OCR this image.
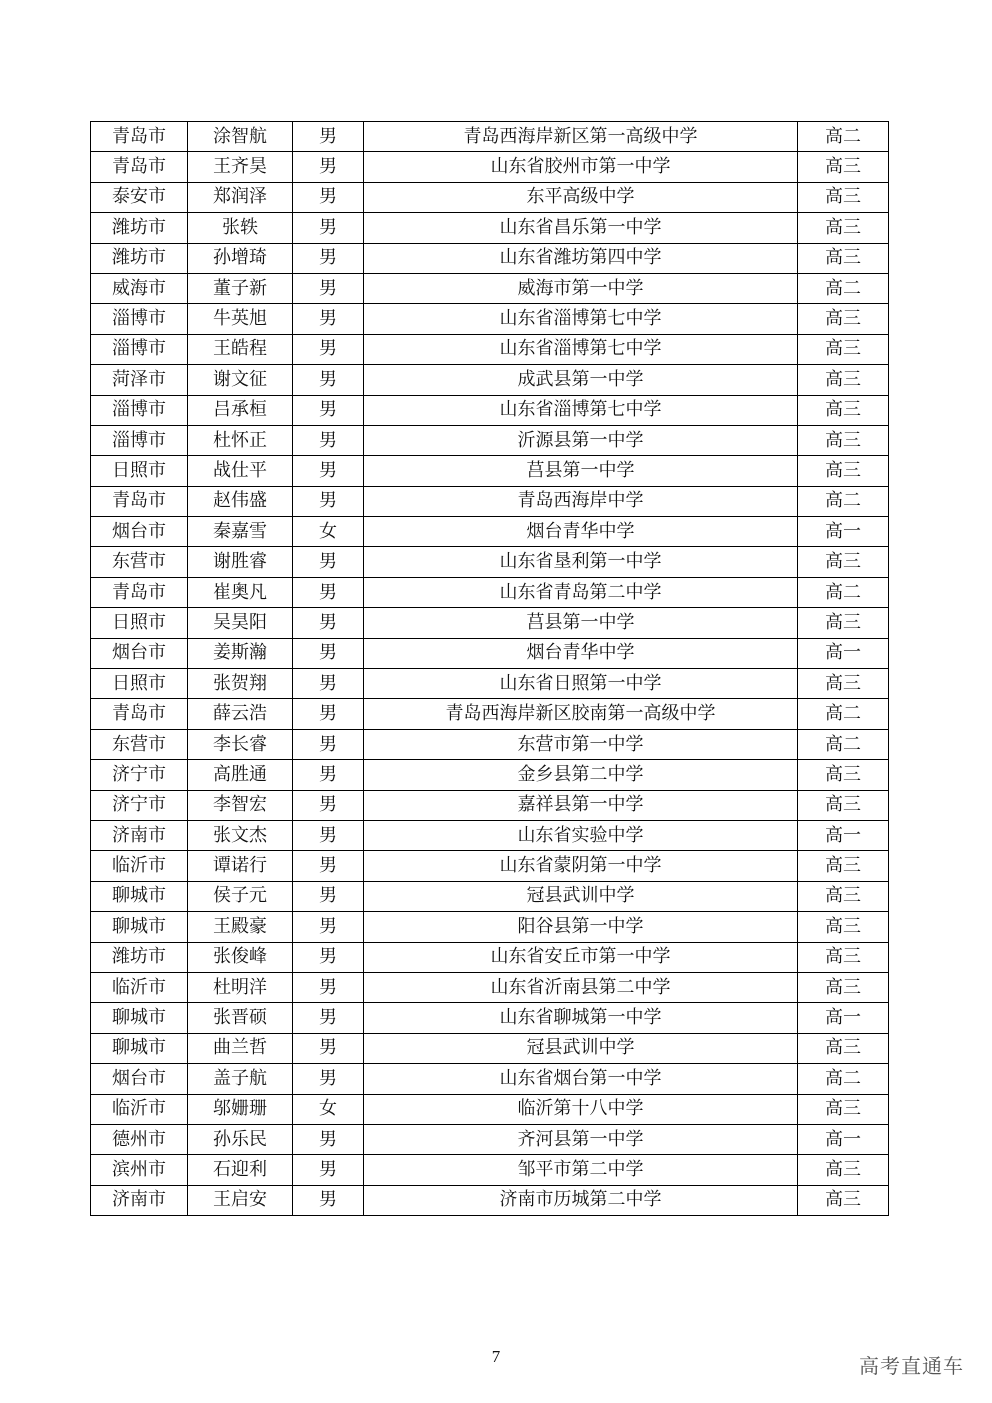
青岛市	涂智航	男	青岛西海岸新区第一高级中学	高二
青岛市	王齐昊	男	山东省胶州市第一中学	高三
泰安市	郑润泽	男	东平高级中学	高三
潍坊市	张轶	男	山东省昌乐第一中学	高三
潍坊市	孙增琦	男	山东省潍坊第四中学	高三
威海市	董子新	男	威海市第一中学	高二
淄博市	牛英旭	男	山东省淄博第七中学	高三
淄博市	王皓程	男	山东省淄博第七中学	高三
菏泽市	谢文征	男	成武县第一中学	高三
淄博市	吕承桓	男	山东省淄博第七中学	高三
淄博市	杜怀正	男	沂源县第一中学	高三
日照市	战仕平	男	莒县第一中学	高三
青岛市	赵伟盛	男	青岛西海岸中学	高二
烟台市	秦嘉雪	女	烟台青华中学	高一
东营市	谢胜睿	男	山东省垦利第一中学	高三
青岛市	崔奥凡	男	山东省青岛第二中学	高二
日照市	吴昊阳	男	莒县第一中学	高三
烟台市	姜斯瀚	男	烟台青华中学	高一
日照市	张贺翔	男	山东省日照第一中学	高三
青岛市	薛云浩	男	青岛西海岸新区胶南第一高级中学	高二
东营市	李长睿	男	东营市第一中学	高二
济宁市	高胜通	男	金乡县第二中学	高三
济宁市	李智宏	男	嘉祥县第一中学	高三
济南市	张文杰	男	山东省实验中学	高一
临沂市	谭诺行	男	山东省蒙阴第一中学	高三
聊城市	侯子元	男	冠县武训中学	高三
聊城市	王殿豪	男	阳谷县第一中学	高三
潍坊市	张俊峰	男	山东省安丘市第一中学	高三
临沂市	杜明洋	男	山东省沂南县第二中学	高三
聊城市	张晋硕	男	山东省聊城第一中学	高一
聊城市	曲兰哲	男	冠县武训中学	高三
烟台市	盖子航	男	山东省烟台第一中学	高二
临沂市	邬姗珊	女	临沂第十八中学	高三
德州市	孙乐民	男	齐河县第一中学	高一
滨州市	石迎利	男	邹平市第二中学	高三
济南市	王启安	男	济南市历城第二中学	高三
7	高考直通车
